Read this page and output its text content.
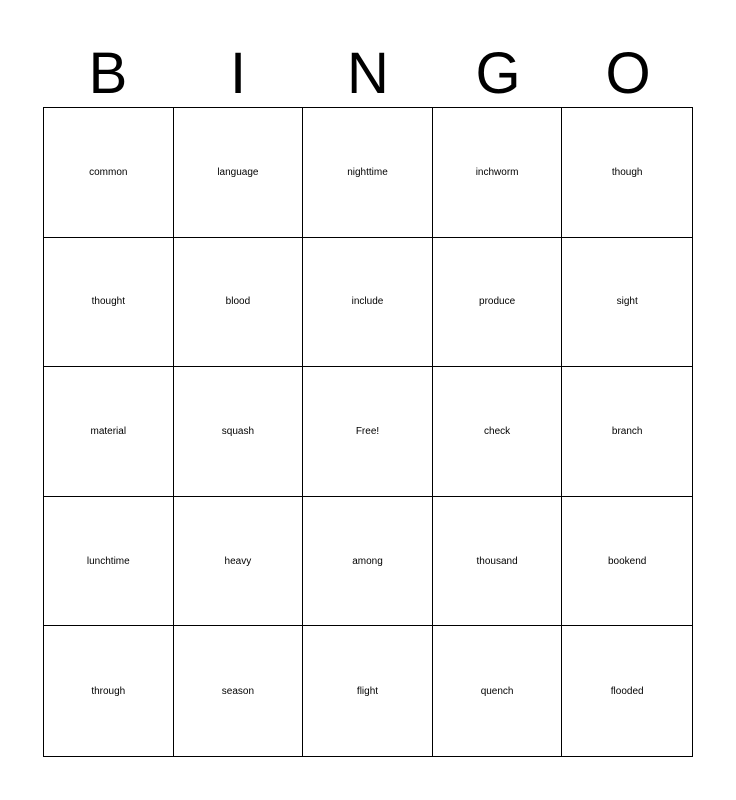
B	I	N	G	O
common	language	nighttime	inchworm	though
thought	blood	include	produce	sight
material	squash	Free!	check	branch
lunchtime	heavy	among	thousand	bookend
through	season	flight	quench	flooded
